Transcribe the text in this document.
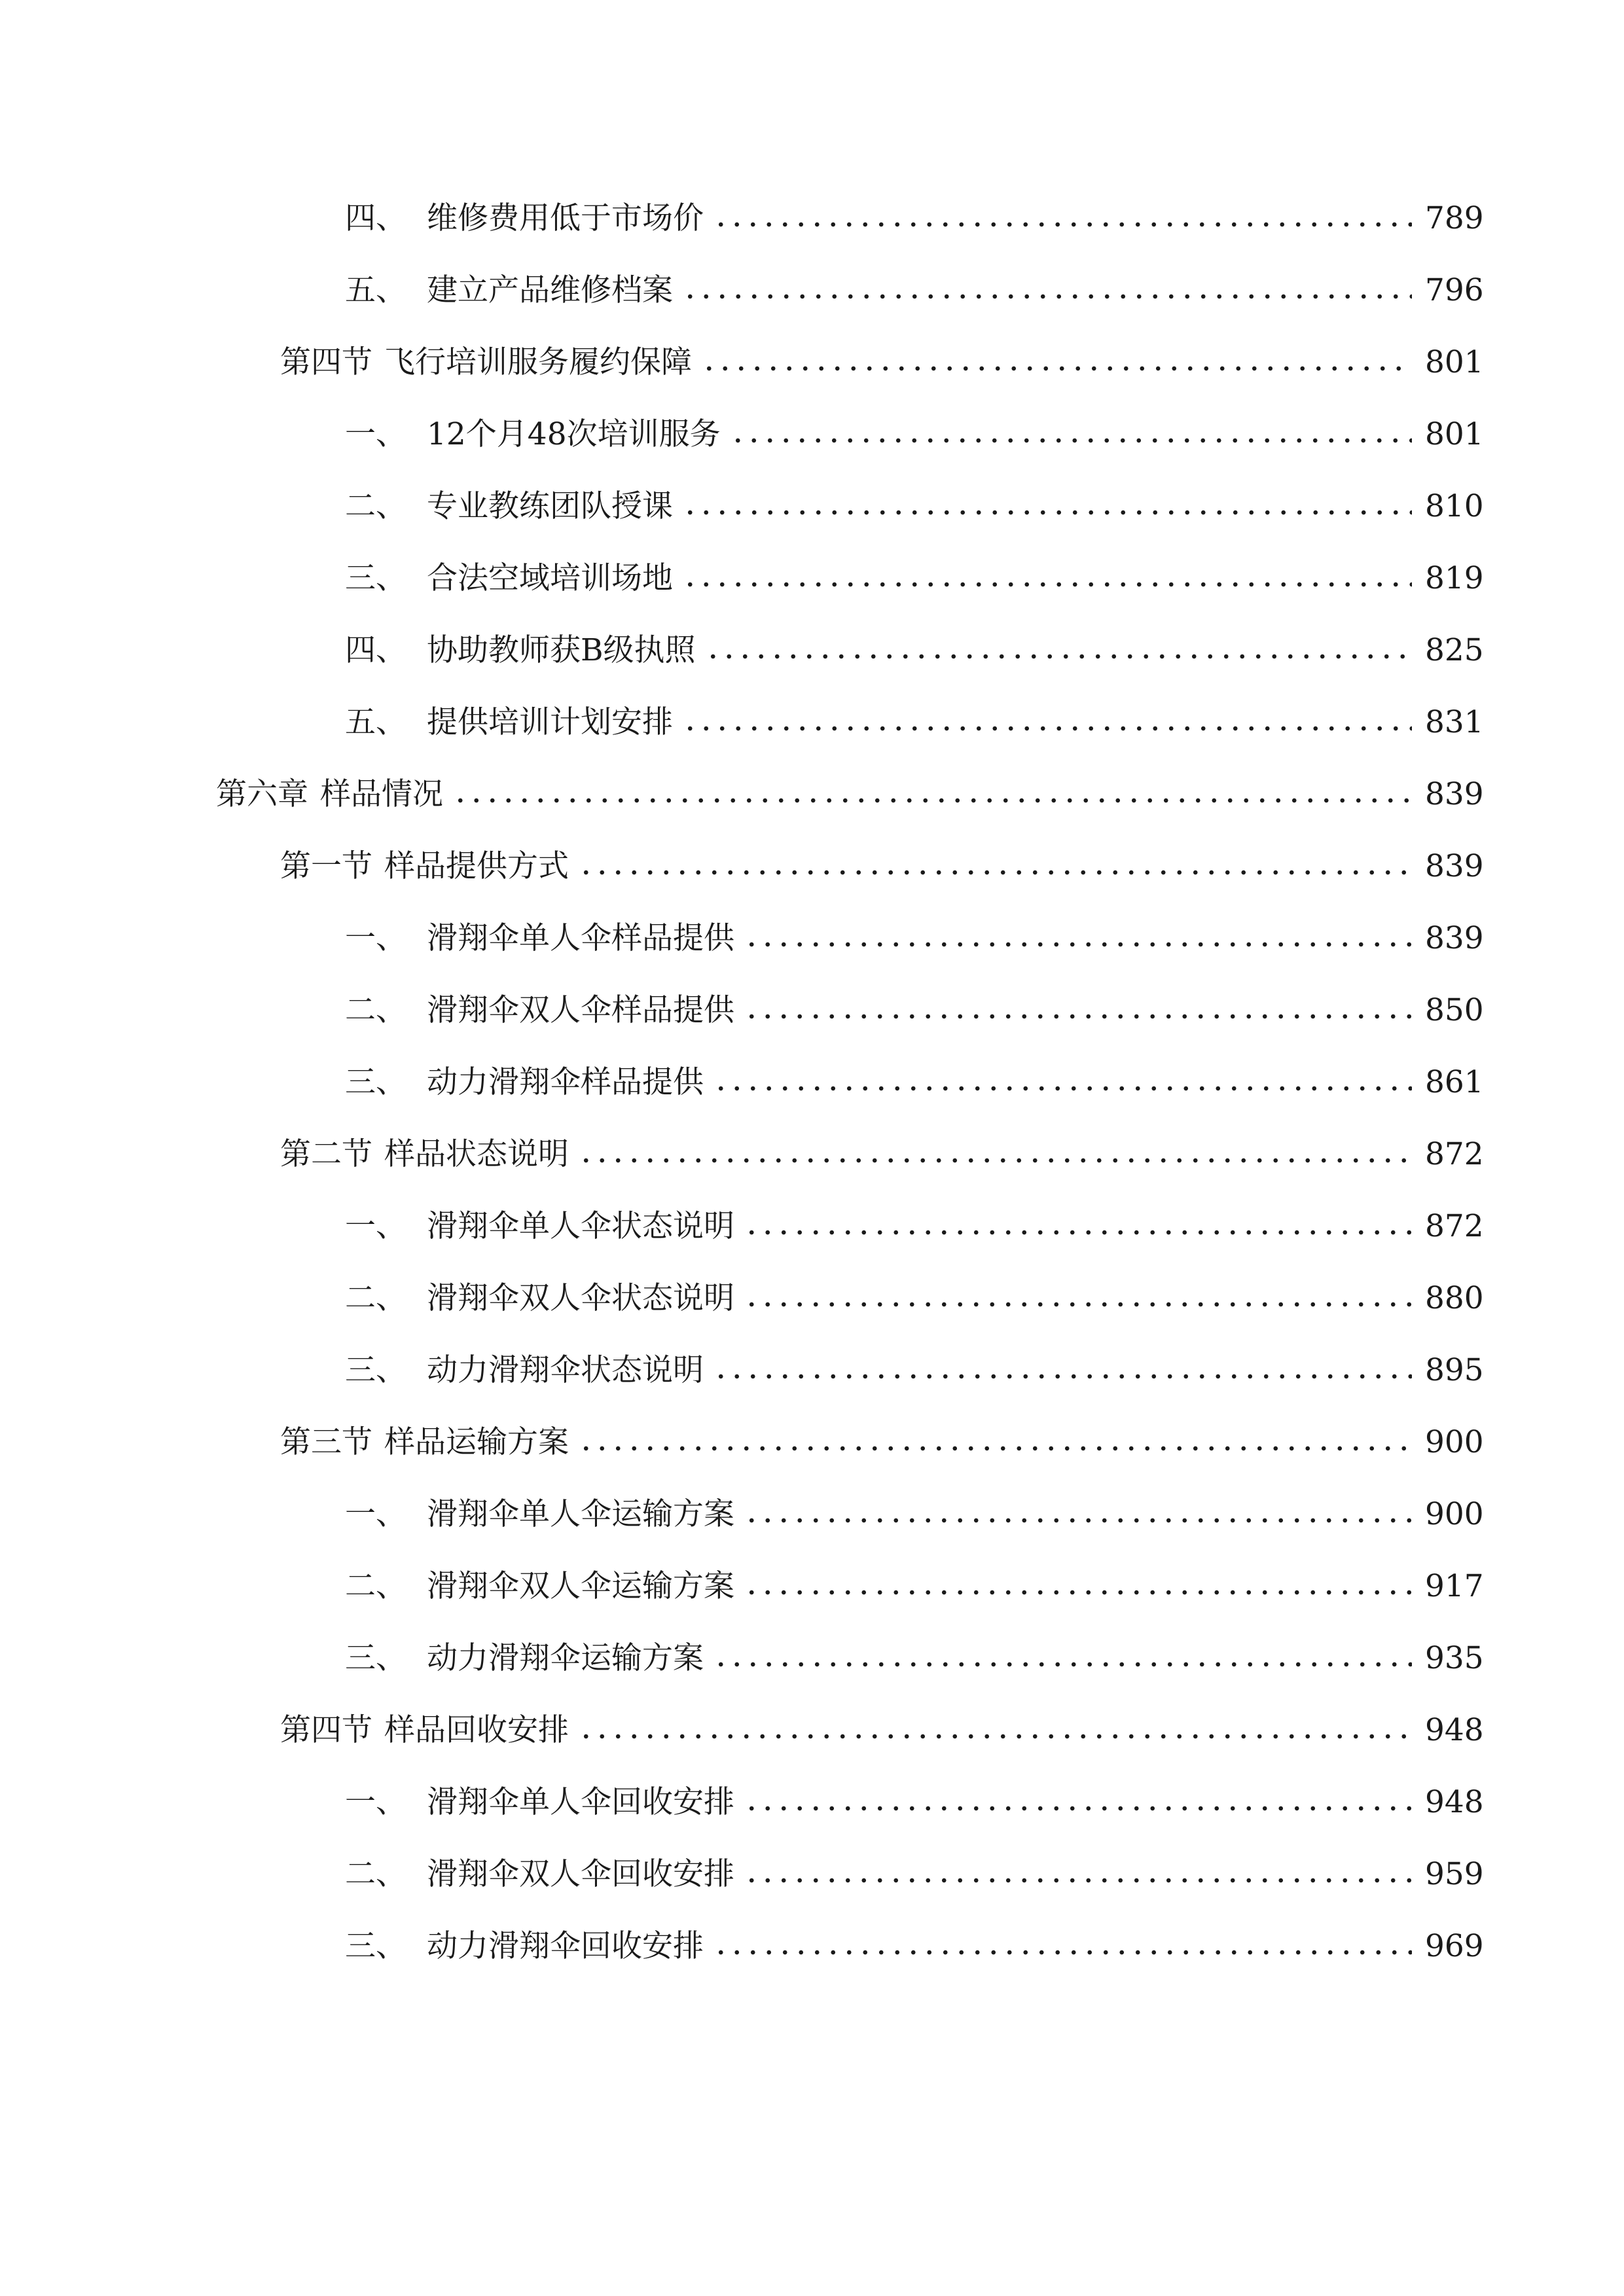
四、 维修费用低于市场价	789
五、 建立产品维修档案	796
第四节 飞行培训服务履约保障	801
一、 12个月48次培训服务	801
二、 专业教练团队授课	810
三、 合法空域培训场地	819
四、 协助教师获B级执照	825
五、 提供培训计划安排	831
第六章 样品情况	839
第一节 样品提供方式	839
一、 滑翔伞单人伞样品提供	839
二、 滑翔伞双人伞样品提供	850
三、 动力滑翔伞样品提供	861
第二节 样品状态说明	872
一、 滑翔伞单人伞状态说明	872
二、 滑翔伞双人伞状态说明	880
三、 动力滑翔伞状态说明	895
第三节 样品运输方案	900
一、 滑翔伞单人伞运输方案	900
二、 滑翔伞双人伞运输方案	917
三、 动力滑翔伞运输方案	935
第四节 样品回收安排	948
一、 滑翔伞单人伞回收安排	948
二、 滑翔伞双人伞回收安排	959
三、 动力滑翔伞回收安排	969
